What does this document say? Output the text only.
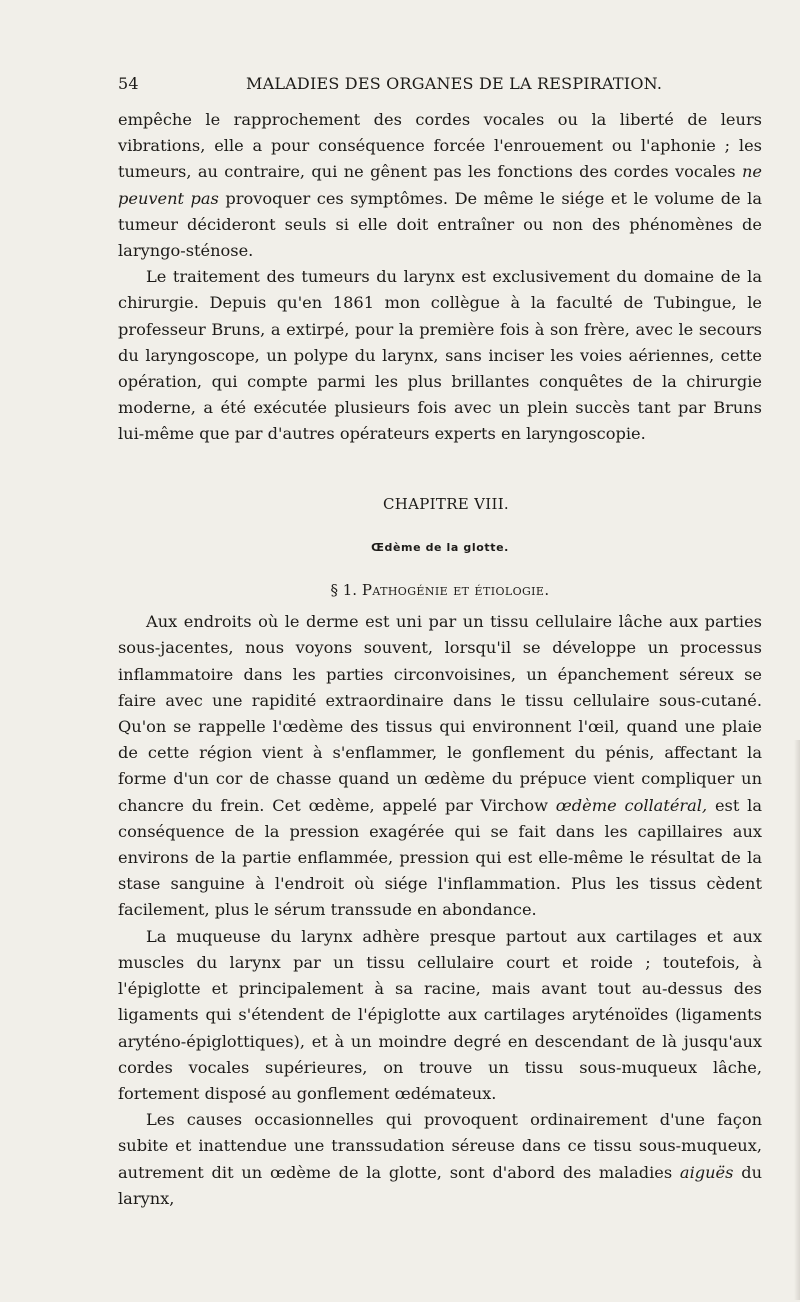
54	MALADIES DES ORGANES DE LA RESPIRATION.

empêche le rapprochement des cordes vocales ou la liberté de leurs vibrations, elle a pour conséquence forcée l'enrouement ou l'aphonie ; les tumeurs, au contraire, qui ne gênent pas les fonctions des cordes vocales ne peuvent pas provoquer ces symptômes. De même le siége et le volume de la tumeur décideront seuls si elle doit entraîner ou non des phénomènes de laryngo-sténose.

Le traitement des tumeurs du larynx est exclusivement du domaine de la chirurgie. Depuis qu'en 1861 mon collègue à la faculté de Tubingue, le professeur Bruns, a extirpé, pour la première fois à son frère, avec le secours du laryngoscope, un polype du larynx, sans inciser les voies aériennes, cette opération, qui compte parmi les plus brillantes conquêtes de la chirurgie moderne, a été exécutée plusieurs fois avec un plein succès tant par Bruns lui-même que par d'autres opérateurs experts en laryngoscopie.

CHAPITRE VIII.
Œdème de la glotte.
§ 1. Pathogénie et étiologie.

Aux endroits où le derme est uni par un tissu cellulaire lâche aux parties sous-jacentes, nous voyons souvent, lorsqu'il se développe un processus inflammatoire dans les parties circonvoisines, un épanchement séreux se faire avec une rapidité extraordinaire dans le tissu cellulaire sous-cutané. Qu'on se rappelle l'œdème des tissus qui environnent l'œil, quand une plaie de cette région vient à s'enflammer, le gonflement du pénis, affectant la forme d'un cor de chasse quand un œdème du prépuce vient compliquer un chancre du frein. Cet œdème, appelé par Virchow œdème collatéral, est la conséquence de la pression exagérée qui se fait dans les capillaires aux environs de la partie enflammée, pression qui est elle-même le résultat de la stase sanguine à l'endroit où siége l'inflammation. Plus les tissus cèdent facilement, plus le sérum transsude en abondance.

La muqueuse du larynx adhère presque partout aux cartilages et aux muscles du larynx par un tissu cellulaire court et roide ; toutefois, à l'épiglotte et principalement à sa racine, mais avant tout au-dessus des ligaments qui s'étendent de l'épiglotte aux cartilages aryténoïdes (ligaments aryténo-épiglottiques), et à un moindre degré en descendant de là jusqu'aux cordes vocales supérieures, on trouve un tissu sous-muqueux lâche, fortement disposé au gonflement œdémateux.

Les causes occasionnelles qui provoquent ordinairement d'une façon subite et inattendue une transsudation séreuse dans ce tissu sous-muqueux, autrement dit un œdème de la glotte, sont d'abord des maladies aiguës du larynx,
